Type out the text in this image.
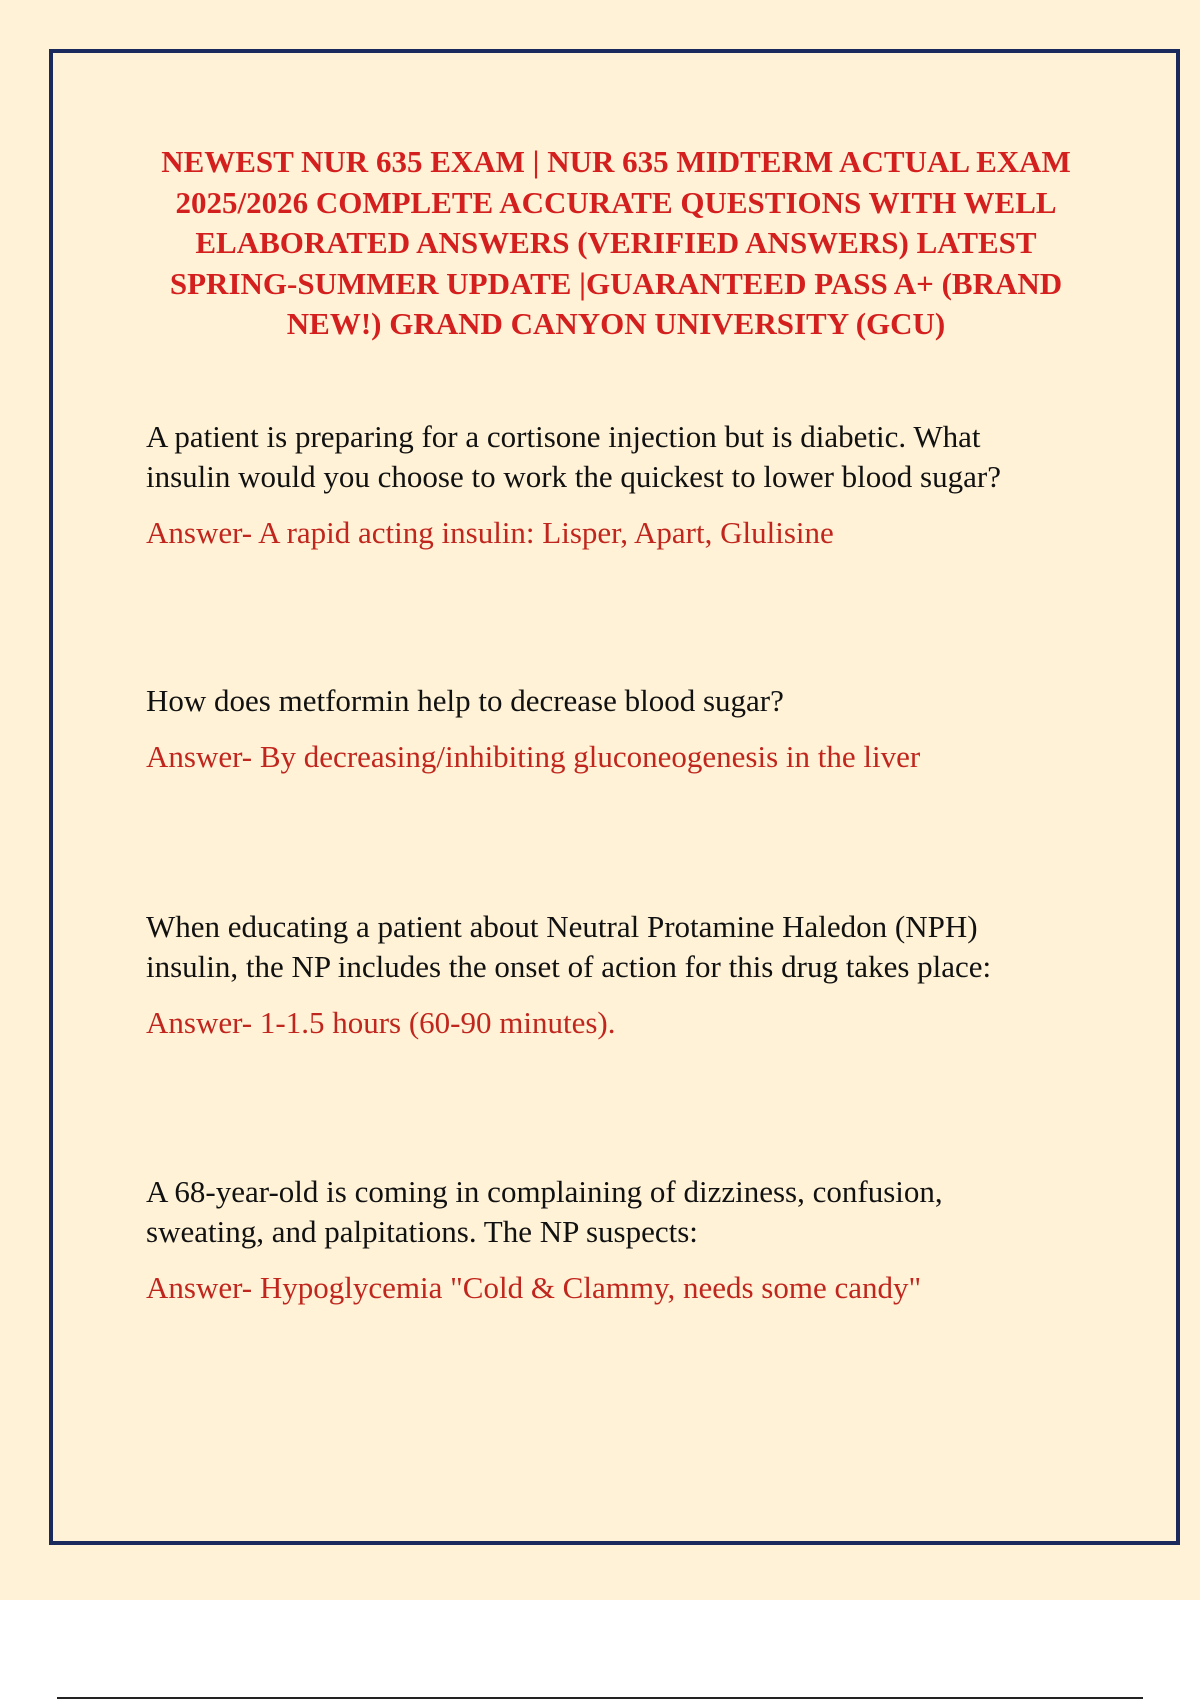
NEWEST NUR 635 EXAM | NUR 635 MIDTERM ACTUAL EXAM 2025/2026 COMPLETE ACCURATE QUESTIONS WITH WELL ELABORATED ANSWERS (VERIFIED ANSWERS) LATEST SPRING-SUMMER UPDATE |GUARANTEED PASS A+ (BRAND NEW!) GRAND CANYON UNIVERSITY (GCU)

A patient is preparing for a cortisone injection but is diabetic. What insulin would you choose to work the quickest to lower blood sugar?

Answer- A rapid acting insulin: Lisper, Apart, Glulisine

How does metformin help to decrease blood sugar?

Answer- By decreasing/inhibiting gluconeogenesis in the liver

When educating a patient about Neutral Protamine Haledon (NPH) insulin, the NP includes the onset of action for this drug takes place:

Answer- 1-1.5 hours (60-90 minutes).

A 68-year-old is coming in complaining of dizziness, confusion, sweating, and palpitations. The NP suspects:

Answer- Hypoglycemia "Cold & Clammy, needs some candy"
